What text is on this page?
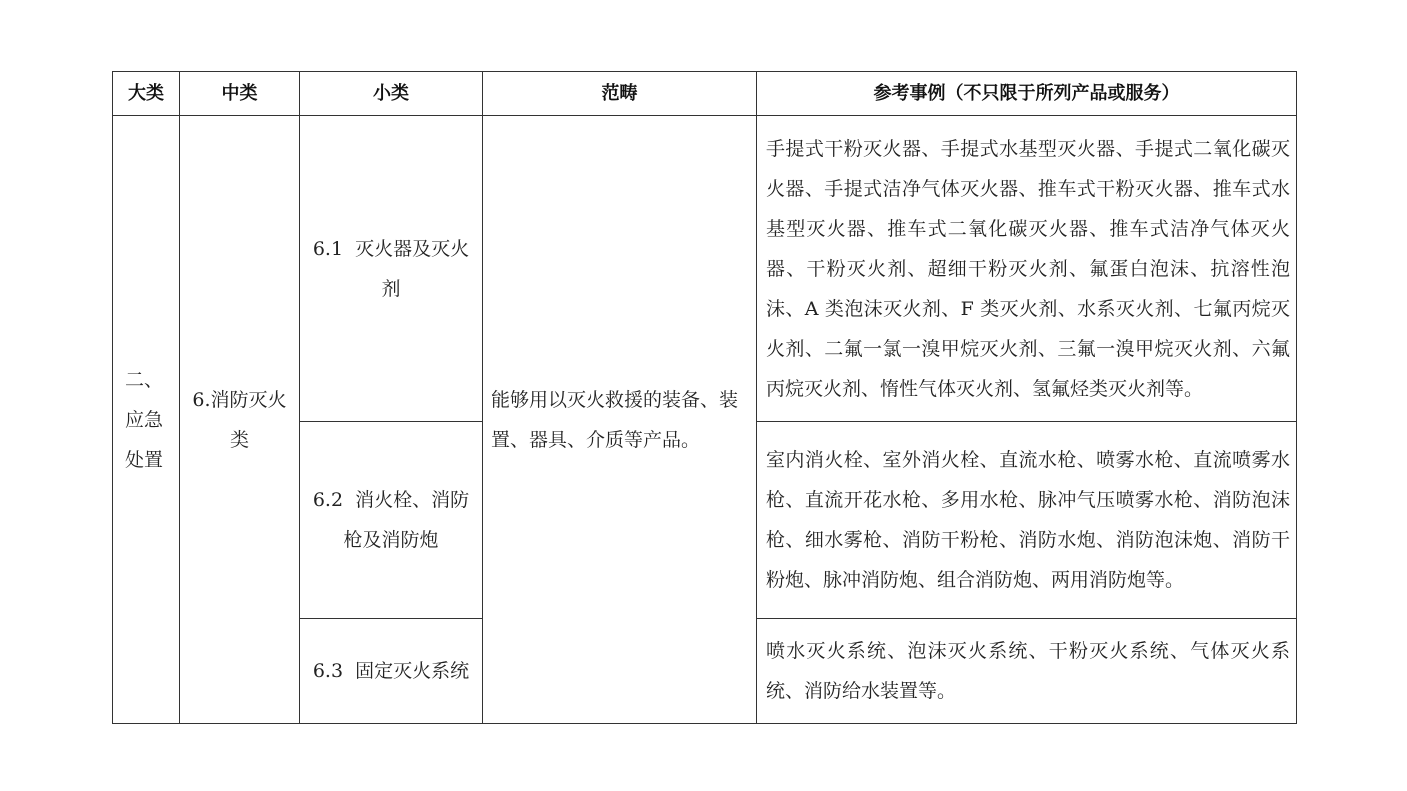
大类	中类	小类	范畴	参考事例（不只限于所列产品或服务）
二、应急处置	6.消防灭火类	6.1  灭火器及灭火剂	能够用以灭火救援的装备、装置、器具、介质等产品。	手提式干粉灭火器、手提式水基型灭火器、手提式二氧化碳灭火器、手提式洁净气体灭火器、推车式干粉灭火器、推车式水基型灭火器、推车式二氧化碳灭火器、推车式洁净气体灭火器、干粉灭火剂、超细干粉灭火剂、氟蛋白泡沫、抗溶性泡沫、A 类泡沫灭火剂、F 类灭火剂、水系灭火剂、七氟丙烷灭火剂、二氟一氯一溴甲烷灭火剂、三氟一溴甲烷灭火剂、六氟丙烷灭火剂、惰性气体灭火剂、氢氟烃类灭火剂等。
		6.2  消火栓、消防枪及消防炮		室内消火栓、室外消火栓、直流水枪、喷雾水枪、直流喷雾水枪、直流开花水枪、多用水枪、脉冲气压喷雾水枪、消防泡沫枪、细水雾枪、消防干粉枪、消防水炮、消防泡沫炮、消防干粉炮、脉冲消防炮、组合消防炮、两用消防炮等。
		6.3  固定灭火系统		喷水灭火系统、泡沫灭火系统、干粉灭火系统、气体灭火系统、消防给水装置等。
